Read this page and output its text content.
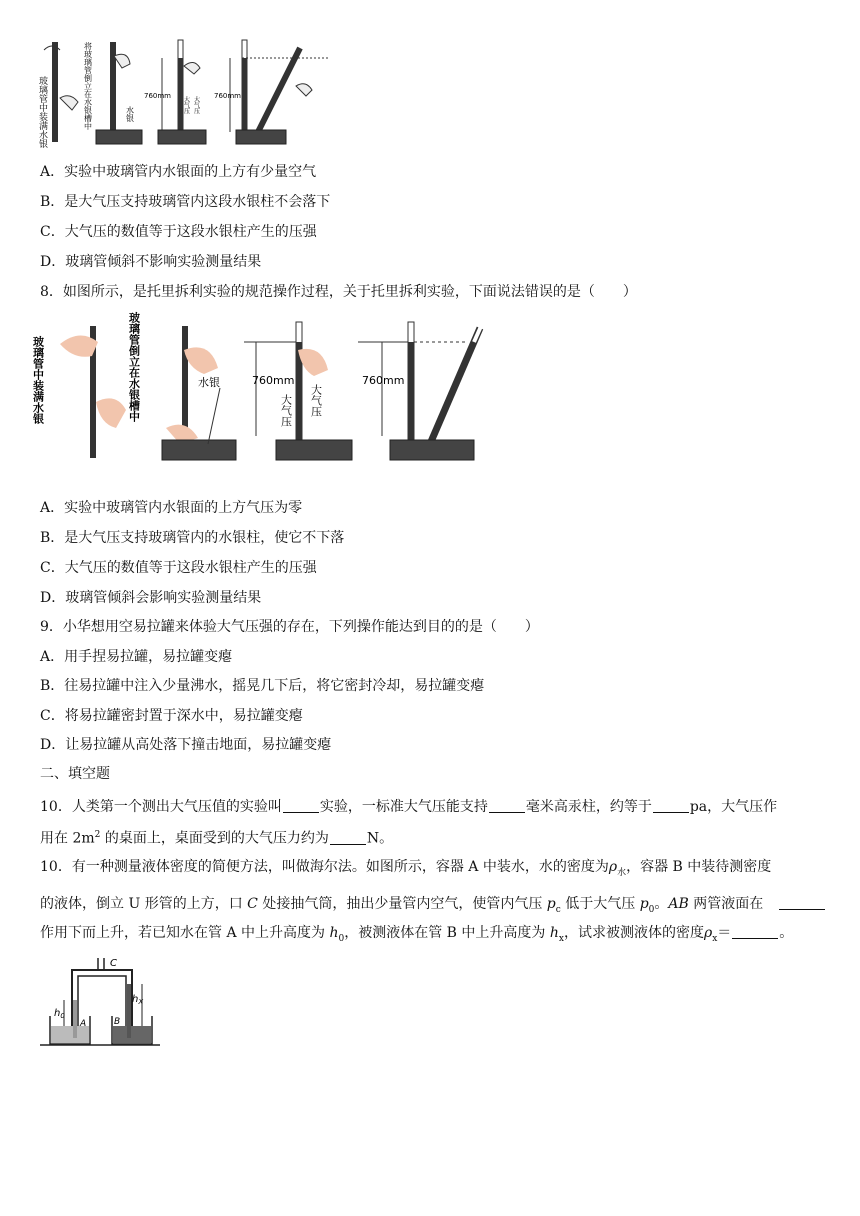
玻璃管中装满水银	将玻璃管倒立在水银槽中	水银
760mm 大气压 大气压 760mm
A．实验中玻璃管内水银面的上方有少量空气
B．是大气压支持玻璃管内这段水银柱不会落下
C．大气压的数值等于这段水银柱产生的压强
D．玻璃管倾斜不影响实验测量结果
8．如图所示，是托里拆利实验的规范操作过程，关于托里拆利实验，下面说法错误的是（　　）
玻璃管中装满水银	玻璃管倒立在水银槽中	水银	760mm
大气压 大气压
760mm
A．实验中玻璃管内水银面的上方气压为零
B．是大气压支持玻璃管内的水银柱，使它不下落
C．大气压的数值等于这段水银柱产生的压强
D．玻璃管倾斜会影响实验测量结果
9．小华想用空易拉罐来体验大气压强的存在，下列操作能达到目的的是（　　）
A．用手捏易拉罐，易拉罐变瘪
B．往易拉罐中注入少量沸水，摇晃几下后，将它密封冷却，易拉罐变瘪
C．将易拉罐密封置于深水中，易拉罐变瘪
D．让易拉罐从高处落下撞击地面，易拉罐变瘪
二、填空题
10．人类第一个测出大气压值的实验叫	实验，一标准大气压能支持	毫米高汞柱，约等于	pa，大气压作
用在 $2m^2$ 的桌面上，桌面受到的大气压力约为	N。
10．有一种测量液体密度的简便方法，叫做海尔法。如图所示，容器 A 中装水，水的密度为$\rho_水$，容器 B 中装待测密度
的液体，倒立 U 形管的上方，口 C 处接抽气筒，抽出少量管内空气，使管内气压 $p_c$ 低于大气压 $p_0$。AB 两管液面在
作用下而上升，若已知水在管 A 中上升高度为 $h_0$，被测液体在管 B 中上升高度为 $h_x$，试求被测液体的密度$\rho_x=$	。
C
$h_0$
A
$h_X$
B
